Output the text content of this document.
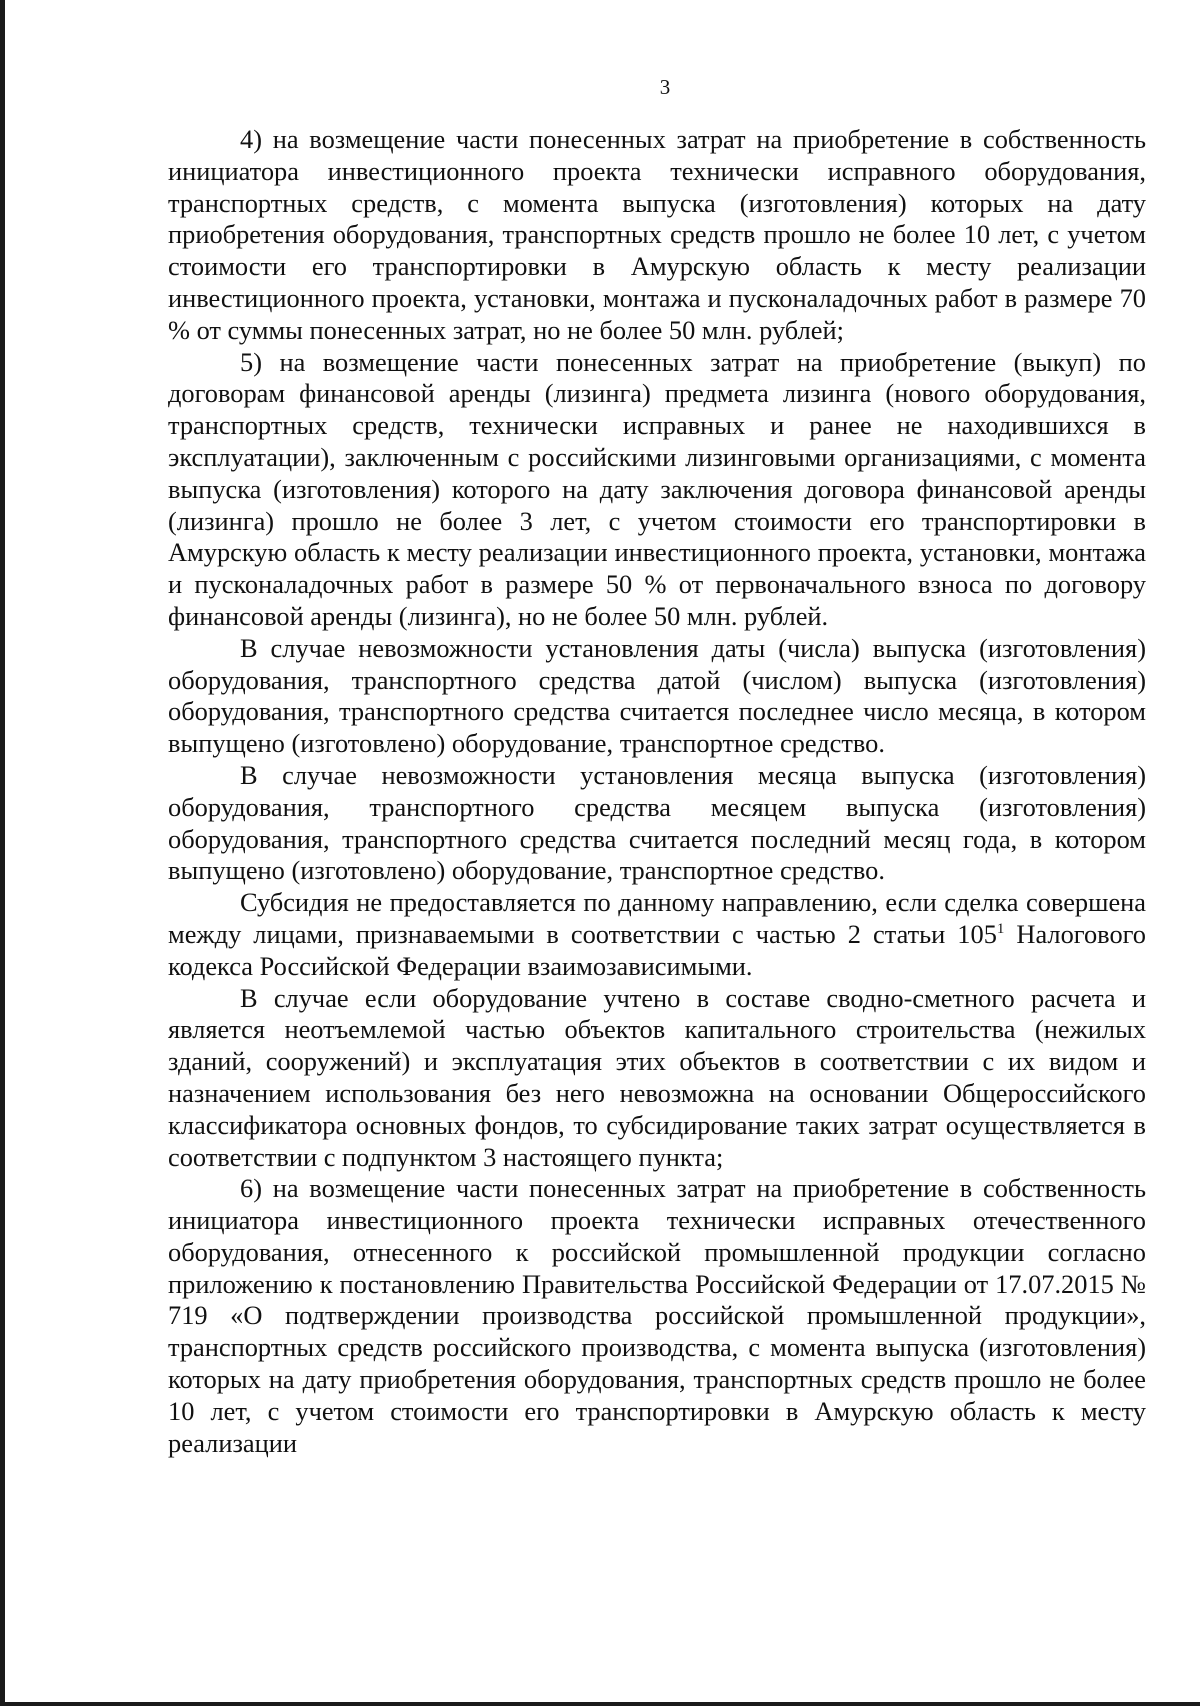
3

4) на возмещение части понесенных затрат на приобретение в собственность инициатора инвестиционного проекта технически исправного оборудования, транспортных средств, с момента выпуска (изготовления) которых на дату приобретения оборудования, транспортных средств прошло не более 10 лет, с учетом стоимости его транспортировки в Амурскую область к месту реализации инвестиционного проекта, установки, монтажа и пусконаладочных работ в размере 70 % от суммы понесенных затрат, но не более 50 млн. рублей;

5) на возмещение части понесенных затрат на приобретение (выкуп) по договорам финансовой аренды (лизинга) предмета лизинга (нового оборудования, транспортных средств, технически исправных и ранее не находившихся в эксплуатации), заключенным с российскими лизинговыми организациями, с момента выпуска (изготовления) которого на дату заключения договора финансовой аренды (лизинга) прошло не более 3 лет, с учетом стоимости его транспортировки в Амурскую область к месту реализации инвестиционного проекта, установки, монтажа и пусконаладочных работ в размере 50 % от первоначального взноса по договору финансовой аренды (лизинга), но не более 50 млн. рублей.

В случае невозможности установления даты (числа) выпуска (изготовления) оборудования, транспортного средства датой (числом) выпуска (изготовления) оборудования, транспортного средства считается последнее число месяца, в котором выпущено (изготовлено) оборудование, транспортное средство.

В случае невозможности установления месяца выпуска (изготовления) оборудования, транспортного средства месяцем выпуска (изготовления) оборудования, транспортного средства считается последний месяц года, в котором выпущено (изготовлено) оборудование, транспортное средство.

Субсидия не предоставляется по данному направлению, если сделка совершена между лицами, признаваемыми в соответствии с частью 2 статьи $105^1$ Налогового кодекса Российской Федерации взаимозависимыми.

В случае если оборудование учтено в составе сводно-сметного расчета и является неотъемлемой частью объектов капитального строительства (нежилых зданий, сооружений) и эксплуатация этих объектов в соответствии с их видом и назначением использования без него невозможна на основании Общероссийского классификатора основных фондов, то субсидирование таких затрат осуществляется в соответствии с подпунктом 3 настоящего пункта;

6) на возмещение части понесенных затрат на приобретение в собственность инициатора инвестиционного проекта технически исправных отечественного оборудования, отнесенного к российской промышленной продукции согласно приложению к постановлению Правительства Российской Федерации от 17.07.2015 № 719 «О подтверждении производства российской промышленной продукции», транспортных средств российского производства, с момента выпуска (изготовления) которых на дату приобретения оборудования, транспортных средств прошло не более 10 лет, с учетом стоимости его транспортировки в Амурскую область к месту реализации
